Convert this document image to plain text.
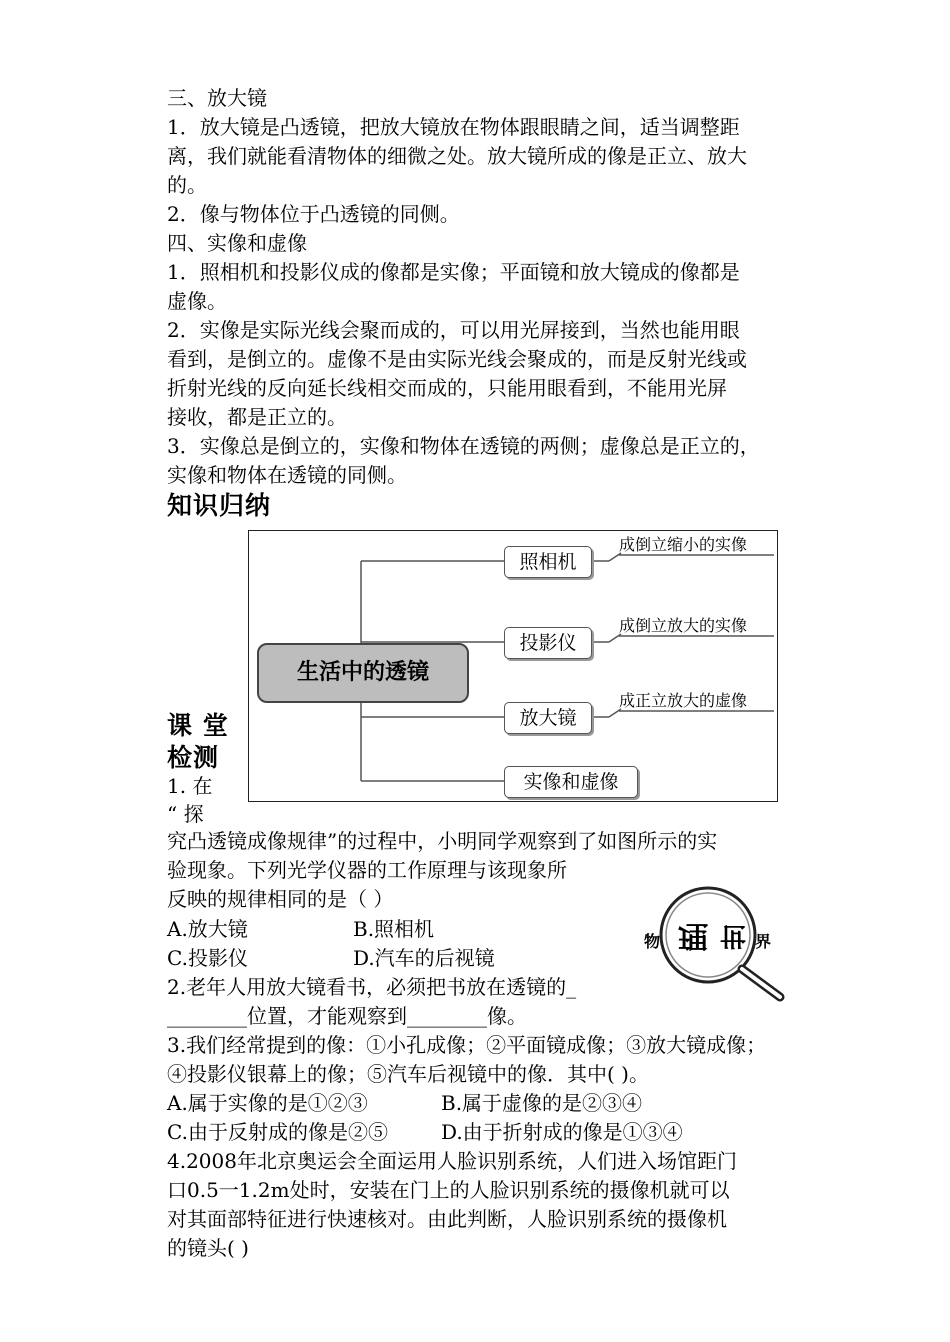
三、放大镜
1．放大镜是凸透镜，把放大镜放在物体跟眼睛之间，适当调整距
离，我们就能看清物体的细微之处。放大镜所成的像是正立、放大
的。
2．像与物体位于凸透镜的同侧。
四、实像和虚像
1．照相机和投影仪成的像都是实像；平面镜和放大镜成的像都是
虚像。
2．实像是实际光线会聚而成的，可以用光屏接到，当然也能用眼
看到，是倒立的。虚像不是由实际光线会聚成的，而是反射光线或
折射光线的反向延长线相交而成的，只能用眼看到，不能用光屏
接收，都是正立的。
3．实像总是倒立的，实像和物体在透镜的两侧；虚像总是正立的，
实像和物体在透镜的同侧。
知识归纳
生活中的透镜
照相机
投影仪
放大镜
实像和虚像
成倒立缩小的实像
成倒立放大的实像
成正立放大的虚像
课 堂
检测
1. 在
“ 探
究凸透镜成像规律”的过程中，小明同学观察到了如图所示的实
验现象。下列光学仪器的工作原理与该现象所
反映的规律相同的是（ ）
A.放大镜	B.照相机
C.投影仪	D.汽车的后视镜
物 理 世 界
2.老年人用放大镜看书，必须把书放在透镜的_
________位置，才能观察到________像。
3.我们经常提到的像：①小孔成像；②平面镜成像；③放大镜成像；
④投影仪银幕上的像；⑤汽车后视镜中的像．其中( )。
A.属于实像的是①②③	B.属于虚像的是②③④
C.由于反射成的像是②⑤	D.由于折射成的像是①③④
4.2008年北京奥运会全面运用人脸识别系统，人们进入场馆距门
口0.5一1.2m处时，安装在门上的人脸识别系统的摄像机就可以
对其面部特征进行快速核对。由此判断，人脸识别系统的摄像机
的镜头( )
